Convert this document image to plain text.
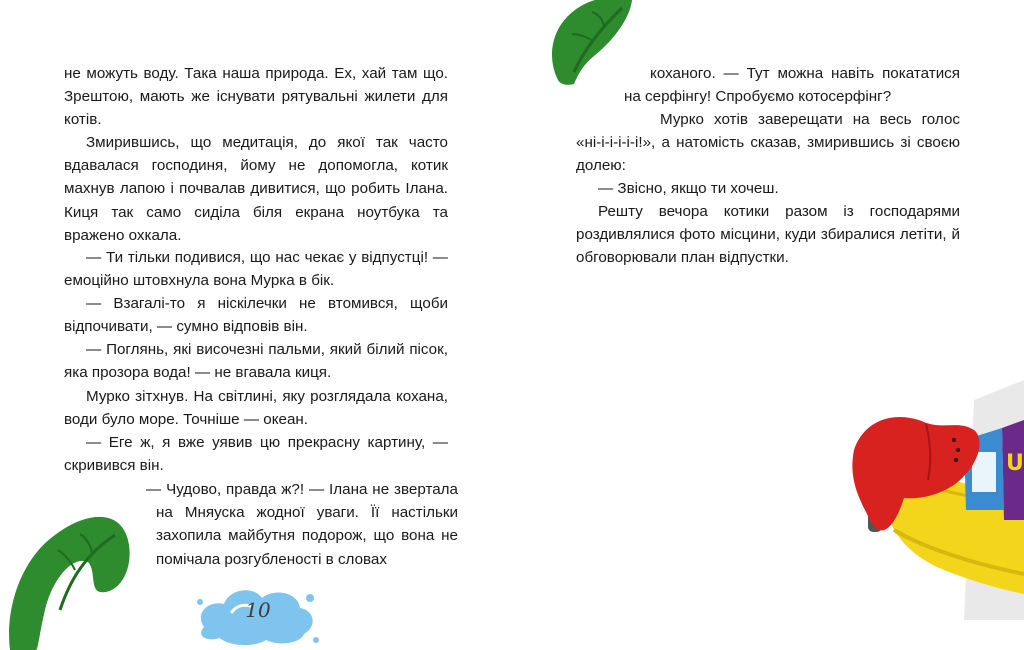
не можуть воду. Така наша природа. Ех, хай там що. Зрештою, мають же існувати рятувальні жилети для котів.

Змирившись, що медитація, до якої так часто вдавалася господиня, йому не допомогла, котик махнув лапою і почвалав дивитися, що робить Ілана. Киця так само сиділа біля екрана ноутбука та вражено охкала.

— Ти тільки подивися, що нас чекає у відпустці! — емоційно штовхнула вона Мурка в бік.

— Взагалі-то я ніскілечки не втомився, щоби відпочивати, — сумно відповів він.

— Поглянь, які височезні пальми, який білий пісок, яка прозора вода! — не вгавала киця.

Мурко зітхнув. На світлині, яку розглядала кохана, води було море. Точніше — океан.

— Еге ж, я вже уявив цю прекрасну картину, — скривився він.

— Чудово, правда ж?! — Ілана не звертала на Мняуска жодної уваги. Її настільки захопила майбутня подорож, що вона не помічала розгубленості в словах

10

коханого. — Тут можна навіть покататися на серфінгу! Спробуємо котосерфінг?

Мурко хотів заверещати на весь голос «ні-і-і-і-і-і!», а натомість сказав, змирившись зі своєю долею:

— Звісно, якщо ти хочеш.

Решту вечора котики разом із господарями роздивлялися фото місцини, куди збиралися летіти, й обговорювали план відпустки.

U
